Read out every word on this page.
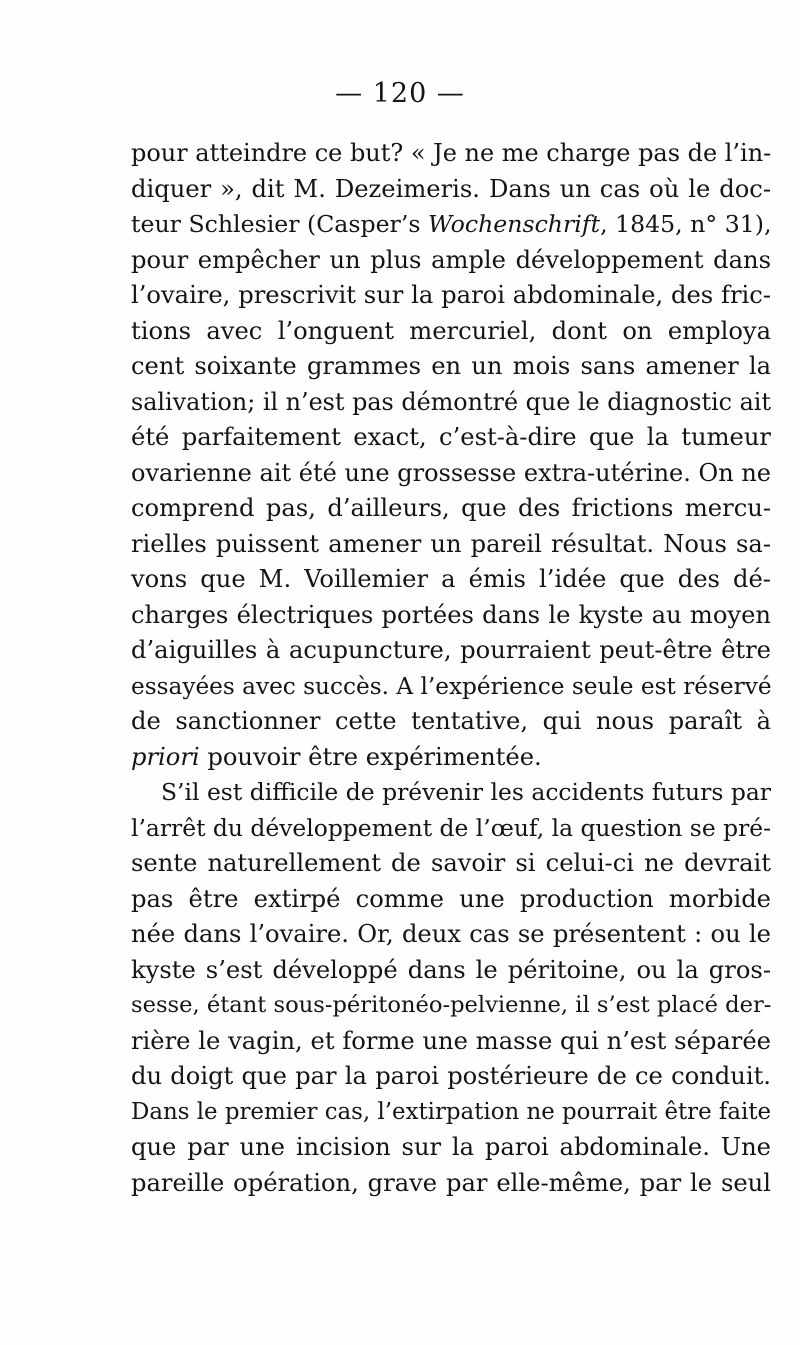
— 120 —
pour atteindre ce but? « Je ne me charge pas de l’in-
diquer », dit M. Dezeimeris. Dans un cas où le doc-
teur Schlesier (Casper’s Wochenschrift, 1845, n° 31),
pour empêcher un plus ample développement dans
l’ovaire, prescrivit sur la paroi abdominale, des fric-
tions avec l’onguent mercuriel, dont on employa
cent soixante grammes en un mois sans amener la
salivation; il n’est pas démontré que le diagnostic ait
été parfaitement exact, c’est-à-dire que la tumeur
ovarienne ait été une grossesse extra-utérine. On ne
comprend pas, d’ailleurs, que des frictions mercu-
rielles puissent amener un pareil résultat. Nous sa-
vons que M. Voillemier a émis l’idée que des dé-
charges électriques portées dans le kyste au moyen
d’aiguilles à acupuncture, pourraient peut-être être
essayées avec succès. A l’expérience seule est réservé
de sanctionner cette tentative, qui nous paraît à
priori pouvoir être expérimentée.
S’il est difficile de prévenir les accidents futurs par
l’arrêt du développement de l’œuf, la question se pré-
sente naturellement de savoir si celui-ci ne devrait
pas être extirpé comme une production morbide
née dans l’ovaire. Or, deux cas se présentent : ou le
kyste s’est développé dans le péritoine, ou la gros-
sesse, étant sous-péritonéo-pelvienne, il s’est placé der-
rière le vagin, et forme une masse qui n’est séparée
du doigt que par la paroi postérieure de ce conduit.
Dans le premier cas, l’extirpation ne pourrait être faite
que par une incision sur la paroi abdominale. Une
pareille opération, grave par elle-même, par le seul
